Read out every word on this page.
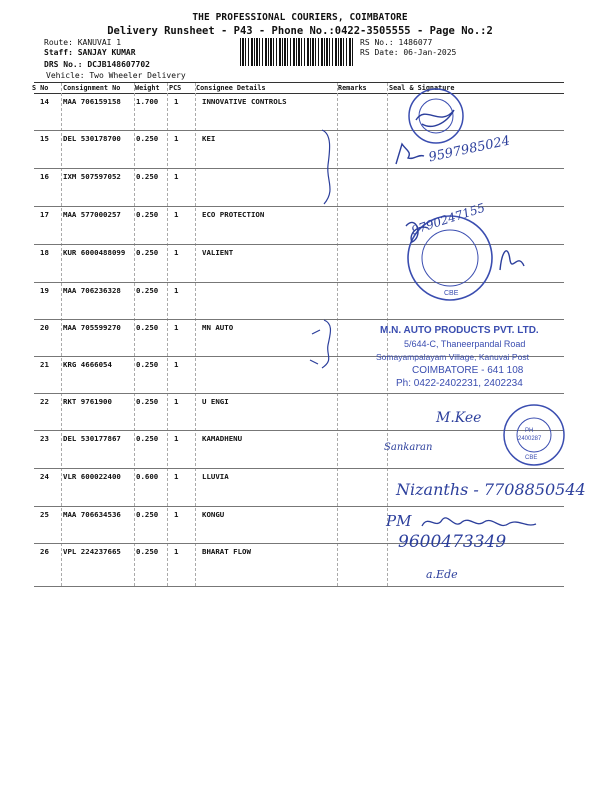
THE PROFESSIONAL COURIERS, COIMBATORE
Delivery Runsheet - P43 - Phone No.:0422-3505555 - Page No.:2
Route: KANUVAI 1
Staff: SANJAY KUMAR
DRS No.: DCJB148607702
Vehicle: Two Wheeler Delivery
RS No.: 1486077
RS Date: 06-Jan-2025
S No Consignment No Weight PCS Consignee Details	Remarks	Seal & Signature
14 MAA 706159158 1.700 1	INNOVATIVE CONTROLS
15 DEL 530178700 0.250 1	KEI
16 IXM 507597052 0.250 1
17 MAA 577000257 0.250 1	ECO PROTECTION
18 KUR 6000488099 0.250 1	VALIENT
19 MAA 706236328 0.250 1
20 MAA 705599270 0.250 1	MN AUTO
21 KRG 4666054	0.250 1
22 RKT 9761900	0.250 1	U ENGI
23 DEL 530177867 0.250 1	KAMADHENU
24 VLR 600022400 0.600 1	LLUVIA
25 MAA 706634536 0.250 1	KONGU
26 VPL 224237665 0.250 1	BHARAT FLOW
9597985024
CBE
9790247155
M.N. AUTO PRODUCTS PVT. LTD.
5/644-C, Thaneerpandal Road
Somayampalayam Village, Kanuvai Post
COIMBATORE - 641 108
Ph: 0422-2402231, 2402234
PH
2400287
CBE
M.Kee
Sankaran
Nizanths - 7708850544
PM
9600473349
a.Ede
